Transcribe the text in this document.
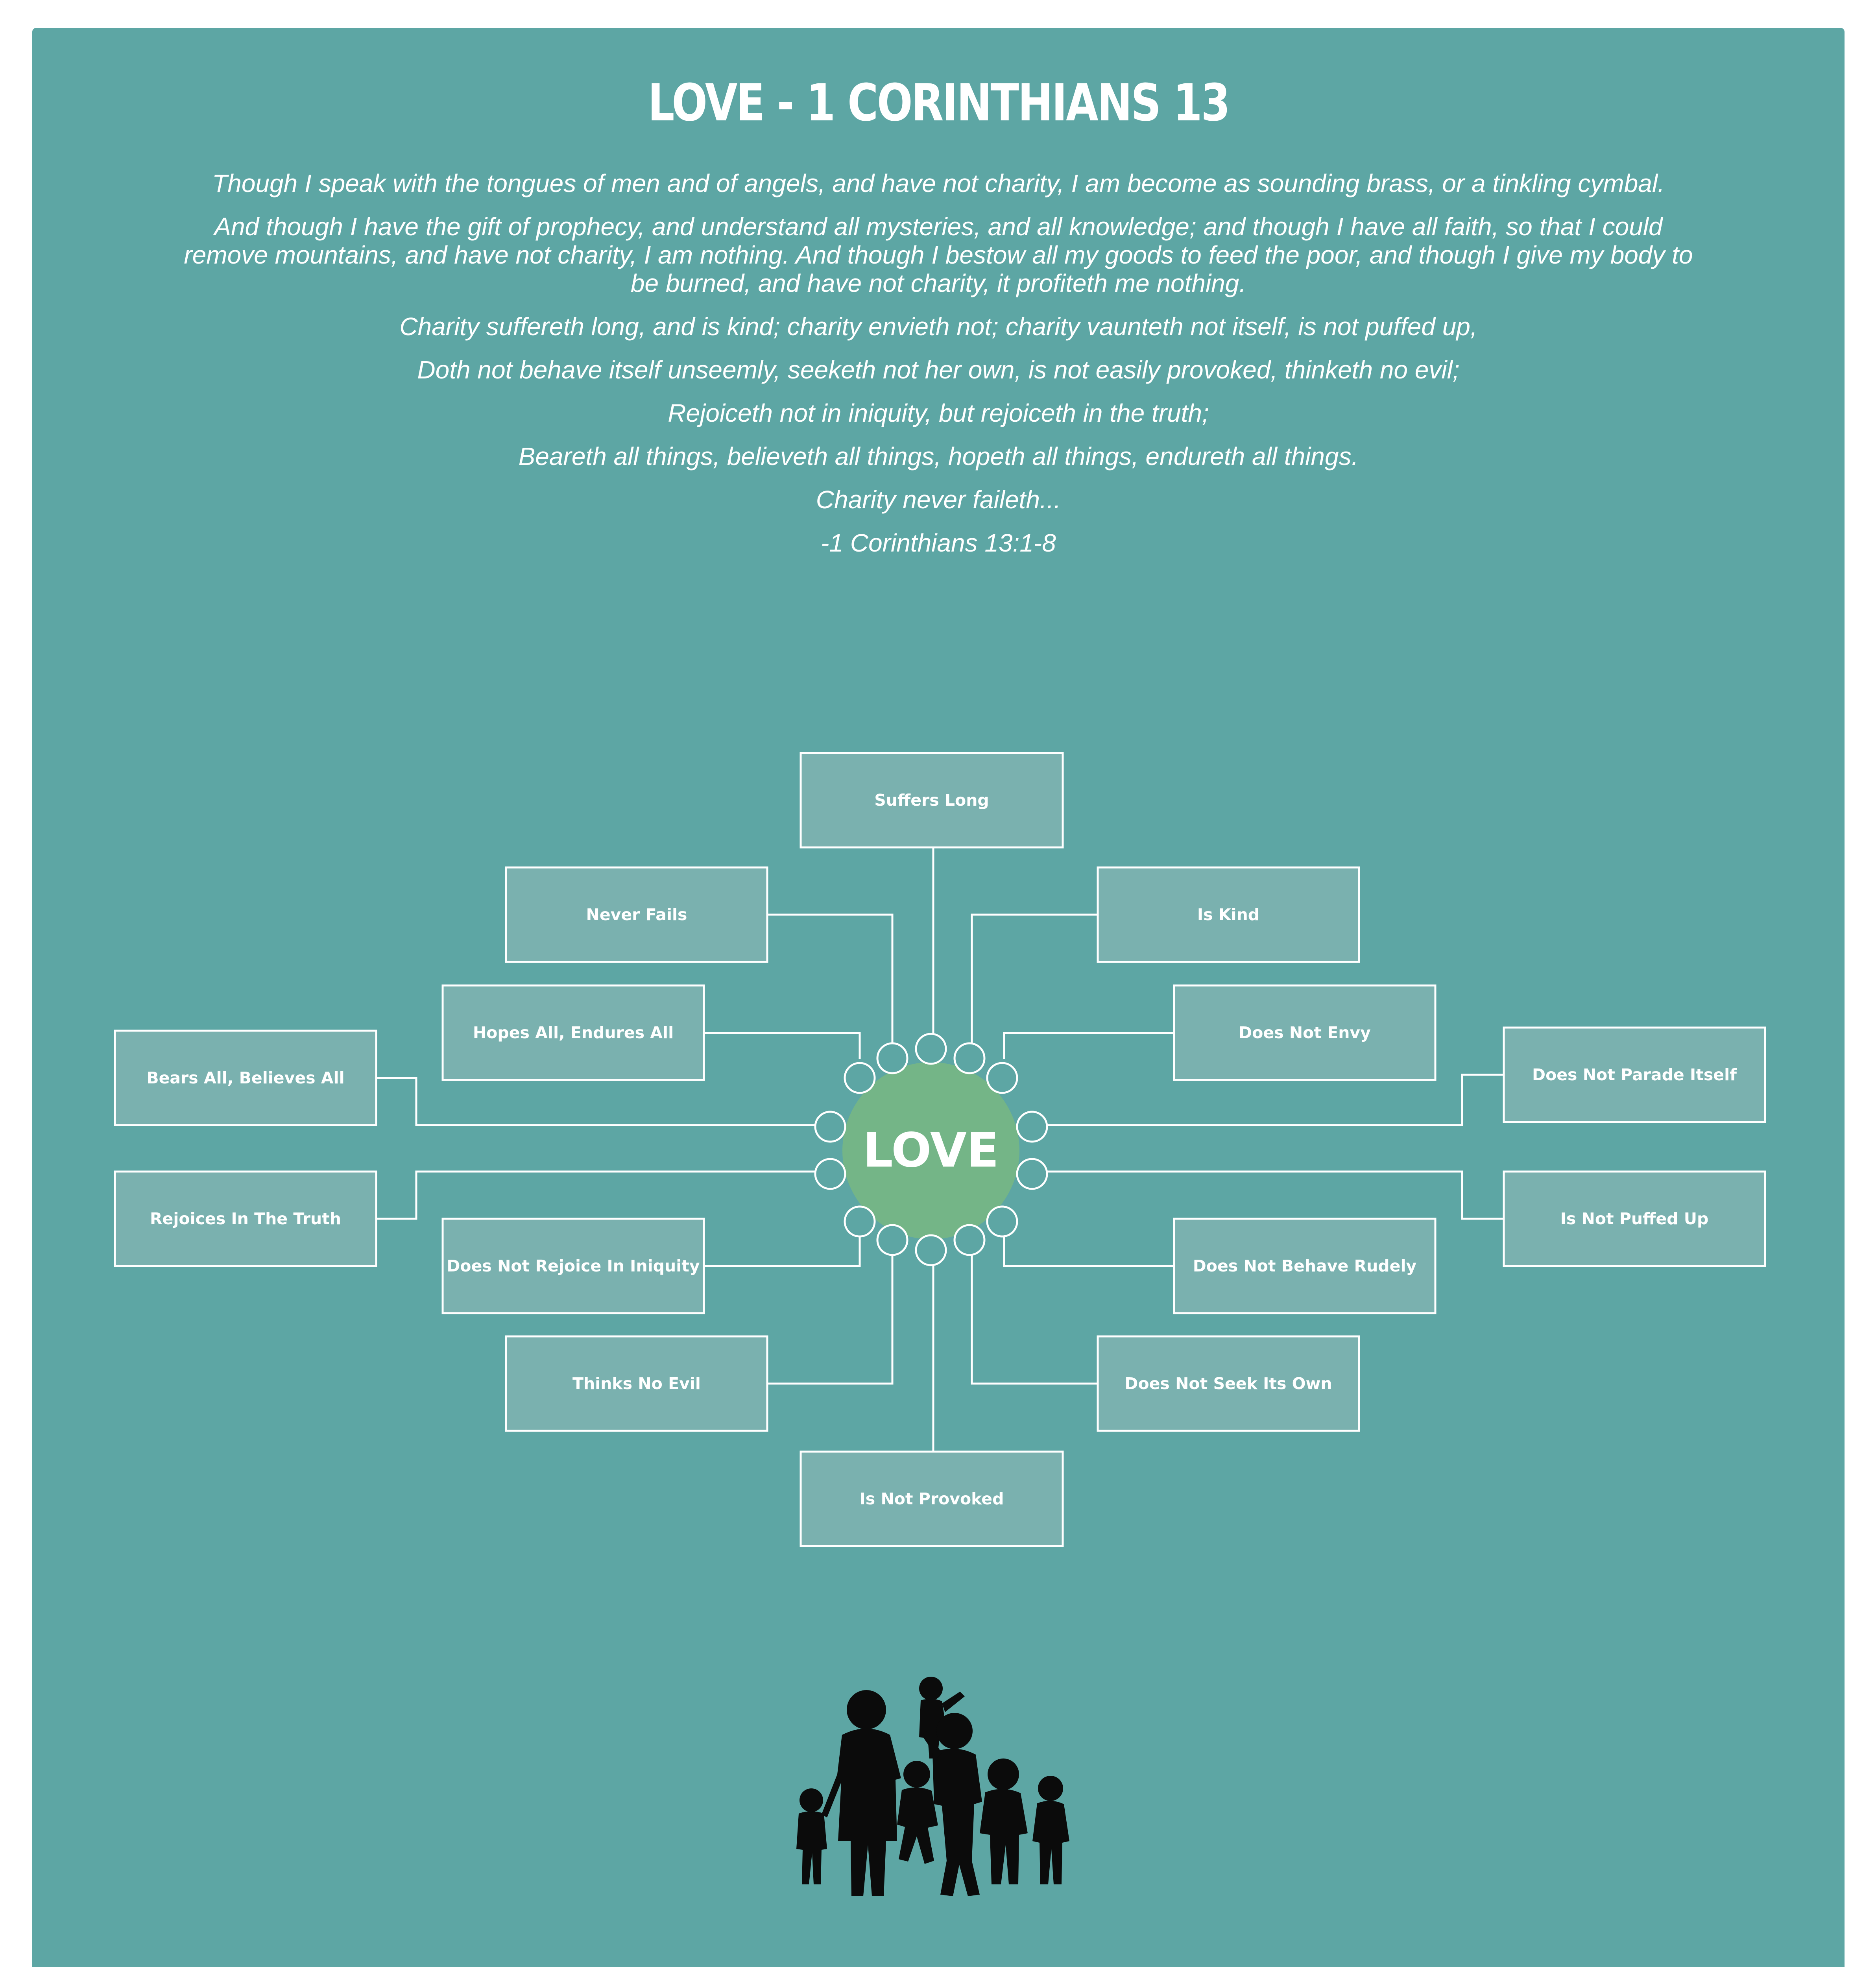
LOVE - 1 CORINTHIANS 13

Though I speak with the tongues of men and of angels, and have not charity, I am become as sounding brass, or a tinkling cymbal.

And though I have the gift of prophecy, and understand all mysteries, and all knowledge; and though I have all faith, so that I could remove mountains, and have not charity, I am nothing. And though I bestow all my goods to feed the poor, and though I give my body to be burned, and have not charity, it profiteth me nothing.

Charity suffereth long, and is kind; charity envieth not; charity vaunteth not itself, is not puffed up,

Doth not behave itself unseemly, seeketh not her own, is not easily provoked, thinketh no evil;

Rejoiceth not in iniquity, but rejoiceth in the truth;

Beareth all things, believeth all things, hopeth all things, endureth all things.

Charity never faileth...

-1 Corinthians 13:1-8

LOVE
Suffers Long
Is Kind
Does Not Envy
Does Not Parade Itself
Is Not Puffed Up
Does Not Behave Rudely
Does Not Seek Its Own
Is Not Provoked
Thinks No Evil
Does Not Rejoice In Iniquity
Rejoices In The Truth
Bears All, Believes All
Hopes All, Endures All
Never Fails
